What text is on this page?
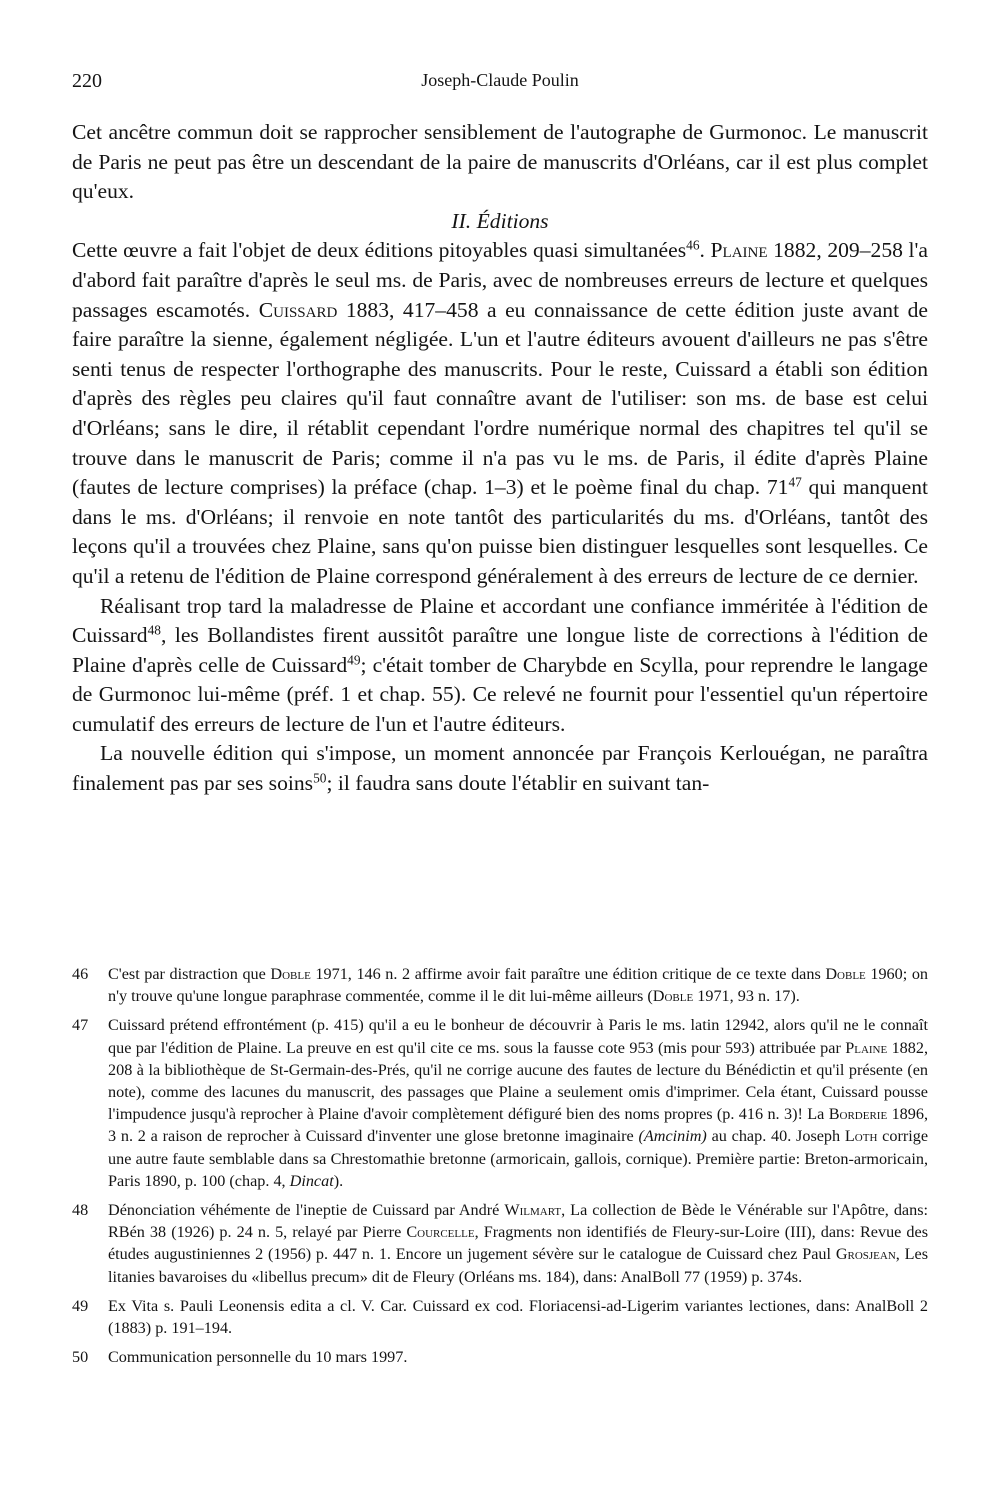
220	Joseph-Claude Poulin

Cet ancêtre commun doit se rapprocher sensiblement de l'autographe de Gurmonoc. Le manuscrit de Paris ne peut pas être un descendant de la paire de manuscrits d'Orléans, car il est plus complet qu'eux.

II. Éditions

Cette œuvre a fait l'objet de deux éditions pitoyables quasi simultanées$^{46}$. Plaine 1882, 209–258 l'a d'abord fait paraître d'après le seul ms. de Paris, avec de nombreuses erreurs de lecture et quelques passages escamotés. Cuissard 1883, 417–458 a eu connaissance de cette édition juste avant de faire paraître la sienne, également négligée. L'un et l'autre éditeurs avouent d'ailleurs ne pas s'être senti tenus de respecter l'orthographe des manuscrits. Pour le reste, Cuissard a établi son édition d'après des règles peu claires qu'il faut connaître avant de l'utiliser: son ms. de base est celui d'Orléans; sans le dire, il rétablit cependant l'ordre numérique normal des chapitres tel qu'il se trouve dans le manuscrit de Paris; comme il n'a pas vu le ms. de Paris, il édite d'après Plaine (fautes de lecture comprises) la préface (chap. 1–3) et le poème final du chap. $71^{47}$ qui manquent dans le ms. d'Orléans; il renvoie en note tantôt des particularités du ms. d'Orléans, tantôt des leçons qu'il a trouvées chez Plaine, sans qu'on puisse bien distinguer lesquelles sont lesquelles. Ce qu'il a retenu de l'édition de Plaine correspond généralement à des erreurs de lecture de ce dernier.

Réalisant trop tard la maladresse de Plaine et accordant une confiance imméritée à l'édition de Cuissard$^{48}$, les Bollandistes firent aussitôt paraître une longue liste de corrections à l'édition de Plaine d'après celle de Cuissard$^{49}$; c'était tomber de Charybde en Scylla, pour reprendre le langage de Gurmonoc lui-même (préf. 1 et chap. 55). Ce relevé ne fournit pour l'essentiel qu'un répertoire cumulatif des erreurs de lecture de l'un et l'autre éditeurs.

La nouvelle édition qui s'impose, un moment annoncée par François Kerlouégan, ne paraîtra finalement pas par ses soins$^{50}$; il faudra sans doute l'établir en suivant tan-

46 C'est par distraction que Doble 1971, 146 n. 2 affirme avoir fait paraître une édition critique de ce texte dans Doble 1960; on n'y trouve qu'une longue paraphrase commentée, comme il le dit lui-même ailleurs (Doble 1971, 93 n. 17).
47 Cuissard prétend effrontément (p. 415) qu'il a eu le bonheur de découvrir à Paris le ms. latin 12942, alors qu'il ne le connaît que par l'édition de Plaine. La preuve en est qu'il cite ce ms. sous la fausse cote 953 (mis pour 593) attribuée par Plaine 1882, 208 à la bibliothèque de St-Germain-des-Prés, qu'il ne corrige aucune des fautes de lecture du Bénédictin et qu'il présente (en note), comme des lacunes du manuscrit, des passages que Plaine a seulement omis d'imprimer. Cela étant, Cuissard pousse l'impudence jusqu'à reprocher à Plaine d'avoir complètement défiguré bien des noms propres (p. 416 n. 3)! La Borderie 1896, 3 n. 2 a raison de reprocher à Cuissard d'inventer une glose bretonne imaginaire (Amcinim) au chap. 40. Joseph Loth corrige une autre faute semblable dans sa Chrestomathie bretonne (armoricain, gallois, cornique). Première partie: Breton-armoricain, Paris 1890, p. 100 (chap. 4, Dincat).
48 Dénonciation véhémente de l'ineptie de Cuissard par André Wilmart, La collection de Bède le Vénérable sur l'Apôtre, dans: RBén 38 (1926) p. 24 n. 5, relayé par Pierre Courcelle, Fragments non identifiés de Fleury-sur-Loire (III), dans: Revue des études augustiniennes 2 (1956) p. 447 n. 1. Encore un jugement sévère sur le catalogue de Cuissard chez Paul Grosjean, Les litanies bavaroises du «libellus precum» dit de Fleury (Orléans ms. 184), dans: AnalBoll 77 (1959) p. 374s.
49 Ex Vita s. Pauli Leonensis edita a cl. V. Car. Cuissard ex cod. Floriacensi-ad-Ligerim variantes lectiones, dans: AnalBoll 2 (1883) p. 191–194.
50 Communication personnelle du 10 mars 1997.
